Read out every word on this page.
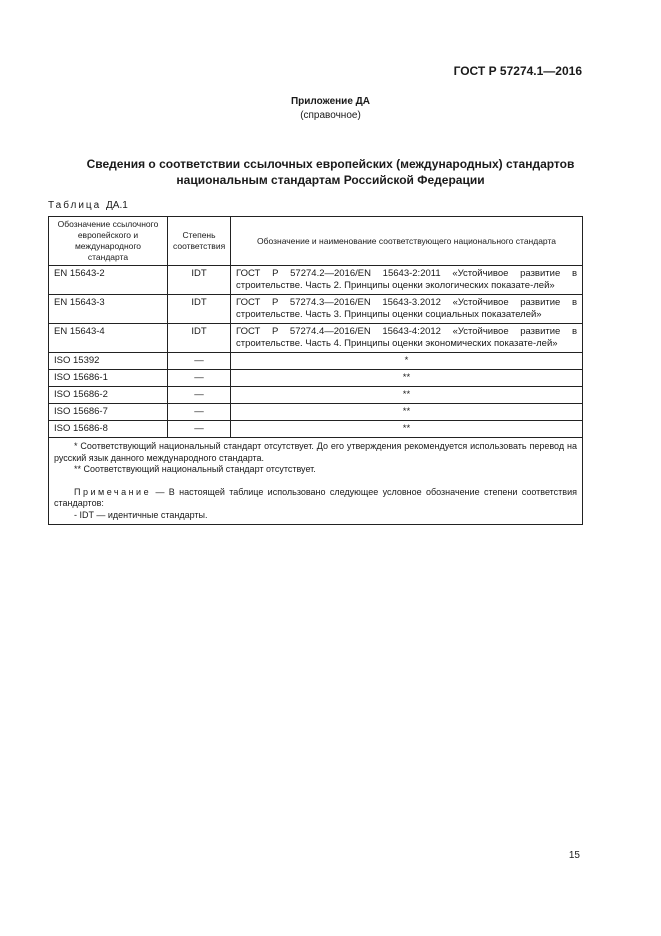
ГОСТ Р 57274.1—2016
Приложение ДА
(справочное)
Сведения о соответствии ссылочных европейских (международных) стандартов
национальным стандартам Российской Федерации
Таблица ДА.1
Обозначение ссылочного европейского и международного стандарта	Степень соответствия	Обозначение и наименование соответствующего национального стандарта
EN 15643-2	IDT	ГОСТ Р 57274.2—2016/EN 15643-2:2011 «Устойчивое развитие в строительстве. Часть 2. Принципы оценки экологических показате-лей»
EN 15643-3	IDT	ГОСТ Р 57274.3—2016/EN 15643-3.2012 «Устойчивое развитие в строительстве. Часть 3. Принципы оценки социальных показателей»
EN 15643-4	IDT	ГОСТ Р 57274.4—2016/EN 15643-4:2012 «Устойчивое развитие в строительстве. Часть 4. Принципы оценки экономических показате-лей»
ISO 15392	—	*
ISO 15686-1	—	**
ISO 15686-2	—	**
ISO 15686-7	—	**
ISO 15686-8	—	**

* Соответствующий национальный стандарт отсутствует. До его утверждения рекомендуется использовать перевод на русский язык данного международного стандарта.

** Соответствующий национальный стандарт отсутствует.

Примечание — В настоящей таблице использовано следующее условное обозначение степени соответствия стандартов:

- IDT — идентичные стандарты.		

15
